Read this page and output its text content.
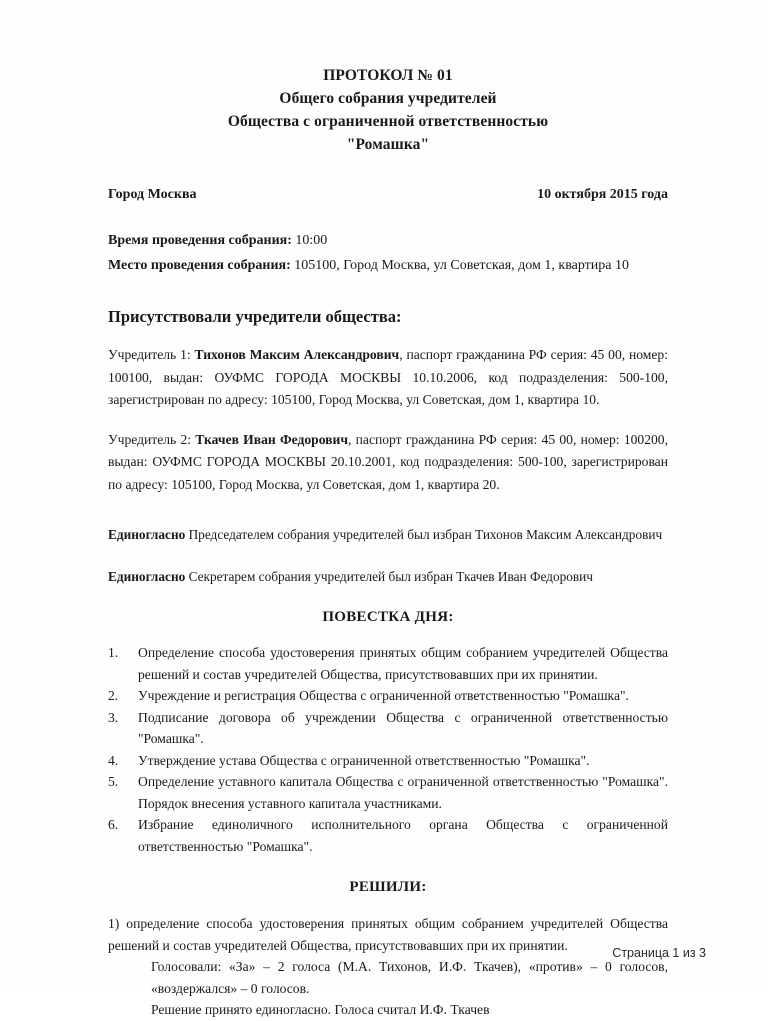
ПРОТОКОЛ № 01
Общего собрания учредителей
Общества с ограниченной ответственностью
"Ромашка"
Город Москва	10 октября 2015 года
Время проведения собрания: 10:00
Место проведения собрания: 105100, Город Москва, ул Советская, дом 1, квартира 10
Присутствовали учредители общества:

Учредитель 1: Тихонов Максим Александрович, паспорт гражданина РФ серия: 45 00, номер: 100100, выдан: ОУФМС ГОРОДА МОСКВЫ 10.10.2006, код подразделения: 500-100, зарегистрирован по адресу: 105100, Город Москва, ул Советская, дом 1, квартира 10.

Учредитель 2: Ткачев Иван Федорович, паспорт гражданина РФ серия: 45 00, номер: 100200, выдан: ОУФМС ГОРОДА МОСКВЫ 20.10.2001, код подразделения: 500-100, зарегистрирован по адресу: 105100, Город Москва, ул Советская, дом 1, квартира 20.

Единогласно Председателем собрания учредителей был избран Тихонов Максим Александрович

Единогласно Секретарем собрания учредителей был избран Ткачев Иван Федорович

ПОВЕСТКА ДНЯ:
1.	Определение способа удостоверения принятых общим собранием учредителей Общества решений и состав учредителей Общества, присутствовавших при их принятии.
2.	Учреждение и регистрация Общества с ограниченной ответственностью "Ромашка".
3.	Подписание договора об учреждении Общества с ограниченной ответственностью "Ромашка".
4.	Утверждение устава Общества с ограниченной ответственностью "Ромашка".
5.	Определение уставного капитала Общества с ограниченной ответственностью "Ромашка". Порядок внесения уставного капитала участниками.
6.	Избрание единоличного исполнительного органа Общества с ограниченной ответственностью "Ромашка".
РЕШИЛИ:
1) определение способа удостоверения принятых общим собранием учредителей Общества решений и состав учредителей Общества, присутствовавших при их принятии.
Голосовали: «За» – 2 голоса (М.А. Тихонов, И.Ф. Ткачев), «против» – 0 голосов, «воздержался» – 0 голосов.
Решение принято единогласно. Голоса считал И.Ф. Ткачев
Страница 1 из 3
